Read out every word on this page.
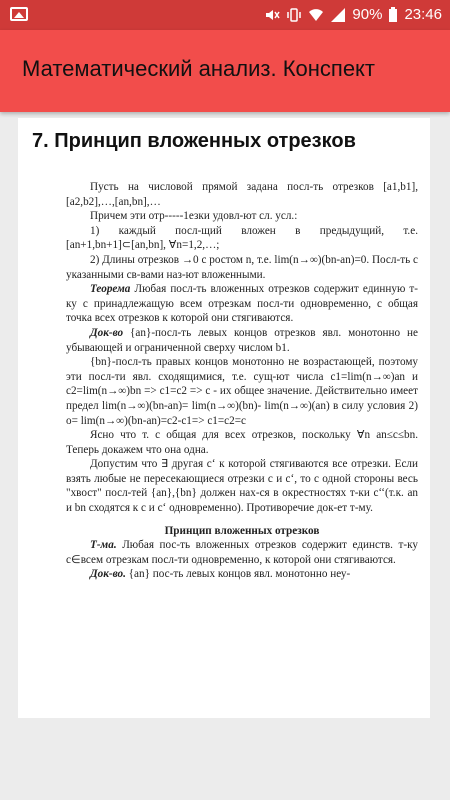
90% 23:46
Математический анализ. Конспект
7. Принцип вложенных отрезков

Пусть на числовой прямой задана посл-ть отрезков [a1,b1],[a2,b2],…,[an,bn],…

Причем эти отр-----1езки удовл-ют сл. усл.:

1) каждый посл-щий вложен в предыдущий, т.е. [an+1,bn+1]⊂[an,bn], ∀n=1,2,…;

2) Длины отрезков →0 с ростом n, т.е. lim(n→∞)(bn-an)=0. Посл-ть с указанными св-вами наз-ют вложенными.

Теорема Любая посл-ть вложенных отрезков содержит единную т-ку с принадлежащую всем отрезкам посл-ти одновременно, с общая точка всех отрезков к которой они стягиваются.

Док-во {an}-посл-ть левых концов отрезков явл. монотонно не убывающей и ограниченной сверху числом b1.

{bn}-посл-ть правых концов монотонно не возрастающей, поэтому эти посл-ти явл. сходящимися, т.е. сущ-ют числа c1=lim(n→∞)an и c2=lim(n→∞)bn => c1=c2 => c - их общее значение. Действительно имеет предел lim(n→∞)(bn-an)= lim(n→∞)(bn)- lim(n→∞)(an) в силу условия 2) o= lim(n→∞)(bn-an)=c2-c1=> c1=c2=c

Ясно что т. с общая для всех отрезков, поскольку ∀n an≤c≤bn. Теперь докажем что она одна.

Допустим что ∃ другая с‘ к которой стягиваются все отрезки. Если взять любые не пересекающиеся отрезки с и с‘, то с одной стороны весь "хвост" посл-тей {an},{bn} должен нах-ся в окрестностях т-ки с‘‘(т.к. an и bn сходятся к с и с‘ одновременно). Противоречие док-ет т-му.

Принцип вложенных отрезков

Т-ма. Любая пос-ть вложенных отрезков содержит единств. т-ку c∈всем отрезкам посл-ти одновременно, к которой они стягиваются.

Док-во. {an} пос-ть левых концов явл. монотонно неу-
